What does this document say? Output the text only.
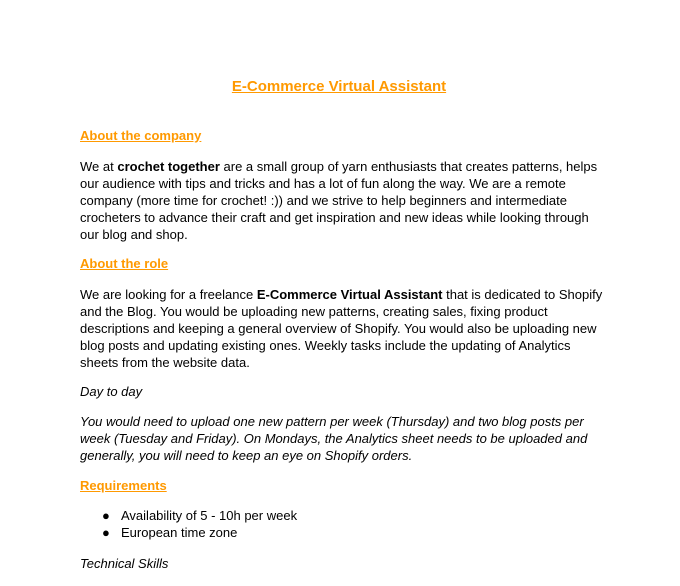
E-Commerce Virtual Assistant
About the company

We at crochet together are a small group of yarn enthusiasts that creates patterns, helps our audience with tips and tricks and has a lot of fun along the way. We are a remote company (more time for crochet! :)) and we strive to help beginners and intermediate crocheters to advance their craft and get inspiration and new ideas while looking through our blog and shop.

About the role

We are looking for a freelance E-Commerce Virtual Assistant that is dedicated to Shopify and the Blog. You would be uploading new patterns, creating sales, fixing product descriptions and keeping a general overview of Shopify. You would also be uploading new blog posts and updating existing ones. Weekly tasks include the updating of Analytics sheets from the website data.

Day to day

You would need to upload one new pattern per week (Thursday) and two blog posts per week (Tuesday and Friday). On Mondays, the Analytics sheet needs to be uploaded and generally, you will need to keep an eye on Shopify orders.

Requirements
● Availability of 5 - 10h per week
● European time zone

Technical Skills
